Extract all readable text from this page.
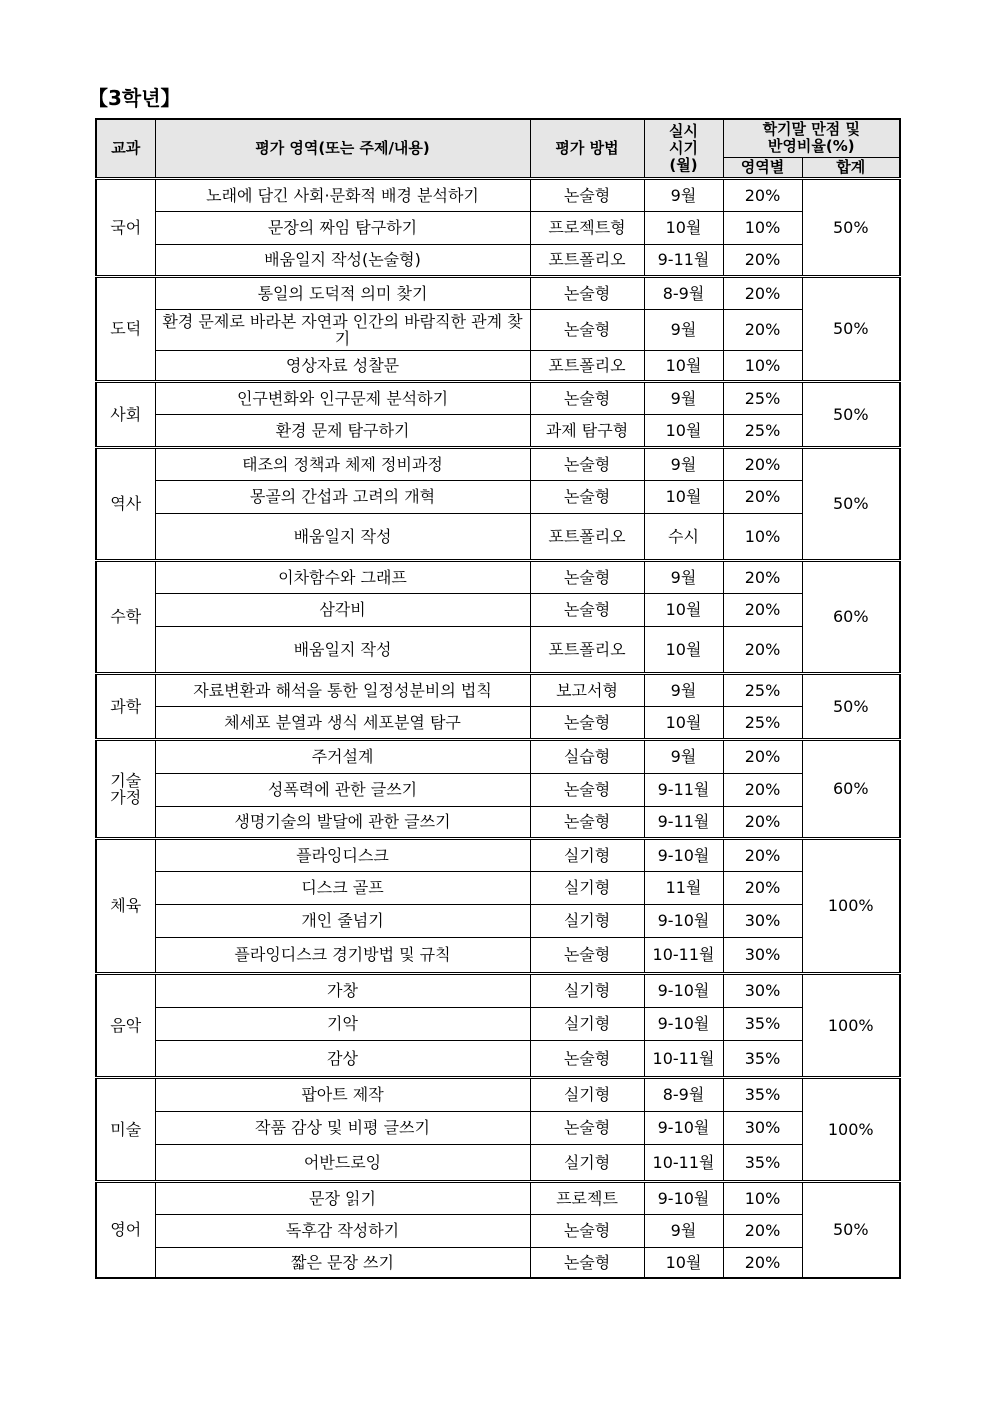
【3학년】
교과	평가 영역(또는 주제/내용)	평가 방법	실시
시기
(월)	학기말 만점 및
반영비율(%)	
				영역별	합계
국어	노래에 담긴 사회·문화적 배경 분석하기	논술형	9월	20%	50%
	문장의 짜임 탐구하기	프로젝트형	10월	10%	
	배움일지 작성(논술형)	포트폴리오	9-11월	20%	
도덕	통일의 도덕적 의미 찾기	논술형	8-9월	20%	50%
	환경 문제로 바라본 자연과 인간의 바람직한 관계 찾기	논술형	9월	20%	
	영상자료 성찰문	포트폴리오	10월	10%	
사회	인구변화와 인구문제 분석하기	논술형	9월	25%	50%
	환경 문제 탐구하기	과제 탐구형	10월	25%	
역사	태조의 정책과 체제 정비과정	논술형	9월	20%	50%
	몽골의 간섭과 고려의 개혁	논술형	10월	20%	
	배움일지 작성	포트폴리오	수시	10%	
수학	이차함수와 그래프	논술형	9월	20%	60%
	삼각비	논술형	10월	20%	
	배움일지 작성	포트폴리오	10월	20%	
과학	자료변환과 해석을 통한 일정성분비의 법칙	보고서형	9월	25%	50%
	체세포 분열과 생식 세포분열 탐구	논술형	10월	25%	
기술
가정	주거설계	실습형	9월	20%	60%
	성폭력에 관한 글쓰기	논술형	9-11월	20%	
	생명기술의 발달에 관한 글쓰기	논술형	9-11월	20%	
체육	플라잉디스크	실기형	9-10월	20%	100%
	디스크 골프	실기형	11월	20%	
	개인 줄넘기	실기형	9-10월	30%	
	플라잉디스크 경기방법 및 규칙	논술형	10-11월	30%	
음악	가창	실기형	9-10월	30%	100%
	기악	실기형	9-10월	35%	
	감상	논술형	10-11월	35%	
미술	팝아트 제작	실기형	8-9월	35%	100%
	작품 감상 및 비평 글쓰기	논술형	9-10월	30%	
	어반드로잉	실기형	10-11월	35%	
영어	문장 읽기	프로젝트	9-10월	10%	50%
	독후감 작성하기	논술형	9월	20%	
	짧은 문장 쓰기	논술형	10월	20%	
